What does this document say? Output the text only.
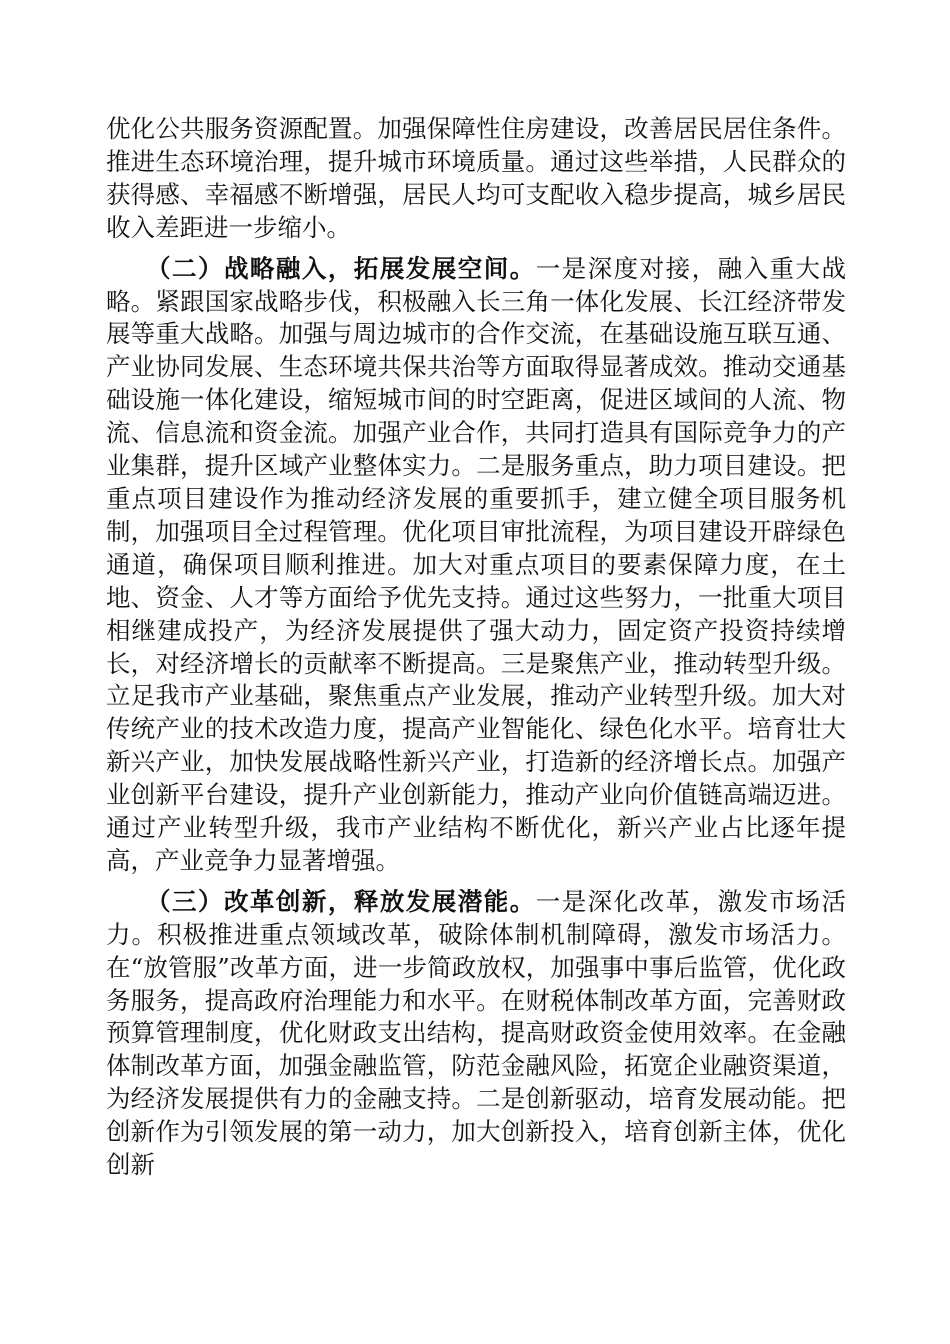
优化公共服务资源配置。加强保障性住房建设，改善居民居住条件。推进生态环境治理，提升城市环境质量。通过这些举措，人民群众的获得感、幸福感不断增强，居民人均可支配收入稳步提高，城乡居民收入差距进一步缩小。

（二）战略融入，拓展发展空间。一是深度对接，融入重大战略。紧跟国家战略步伐，积极融入长三角一体化发展、长江经济带发展等重大战略。加强与周边城市的合作交流，在基础设施互联互通、产业协同发展、生态环境共保共治等方面取得显著成效。推动交通基础设施一体化建设，缩短城市间的时空距离，促进区域间的人流、物流、信息流和资金流。加强产业合作，共同打造具有国际竞争力的产业集群，提升区域产业整体实力。二是服务重点，助力项目建设。把重点项目建设作为推动经济发展的重要抓手，建立健全项目服务机制，加强项目全过程管理。优化项目审批流程，为项目建设开辟绿色通道，确保项目顺利推进。加大对重点项目的要素保障力度，在土地、资金、人才等方面给予优先支持。通过这些努力，一批重大项目相继建成投产，为经济发展提供了强大动力，固定资产投资持续增长，对经济增长的贡献率不断提高。三是聚焦产业，推动转型升级。立足我市产业基础，聚焦重点产业发展，推动产业转型升级。加大对传统产业的技术改造力度，提高产业智能化、绿色化水平。培育壮大新兴产业，加快发展战略性新兴产业，打造新的经济增长点。加强产业创新平台建设，提升产业创新能力，推动产业向价值链高端迈进。通过产业转型升级，我市产业结构不断优化，新兴产业占比逐年提高，产业竞争力显著增强。

（三）改革创新，释放发展潜能。一是深化改革，激发市场活力。积极推进重点领域改革，破除体制机制障碍，激发市场活力。在“放管服”改革方面，进一步简政放权，加强事中事后监管，优化政务服务，提高政府治理能力和水平。在财税体制改革方面，完善财政预算管理制度，优化财政支出结构，提高财政资金使用效率。在金融体制改革方面，加强金融监管，防范金融风险，拓宽企业融资渠道，为经济发展提供有力的金融支持。二是创新驱动，培育发展动能。把创新作为引领发展的第一动力，加大创新投入，培育创新主体，优化创新
